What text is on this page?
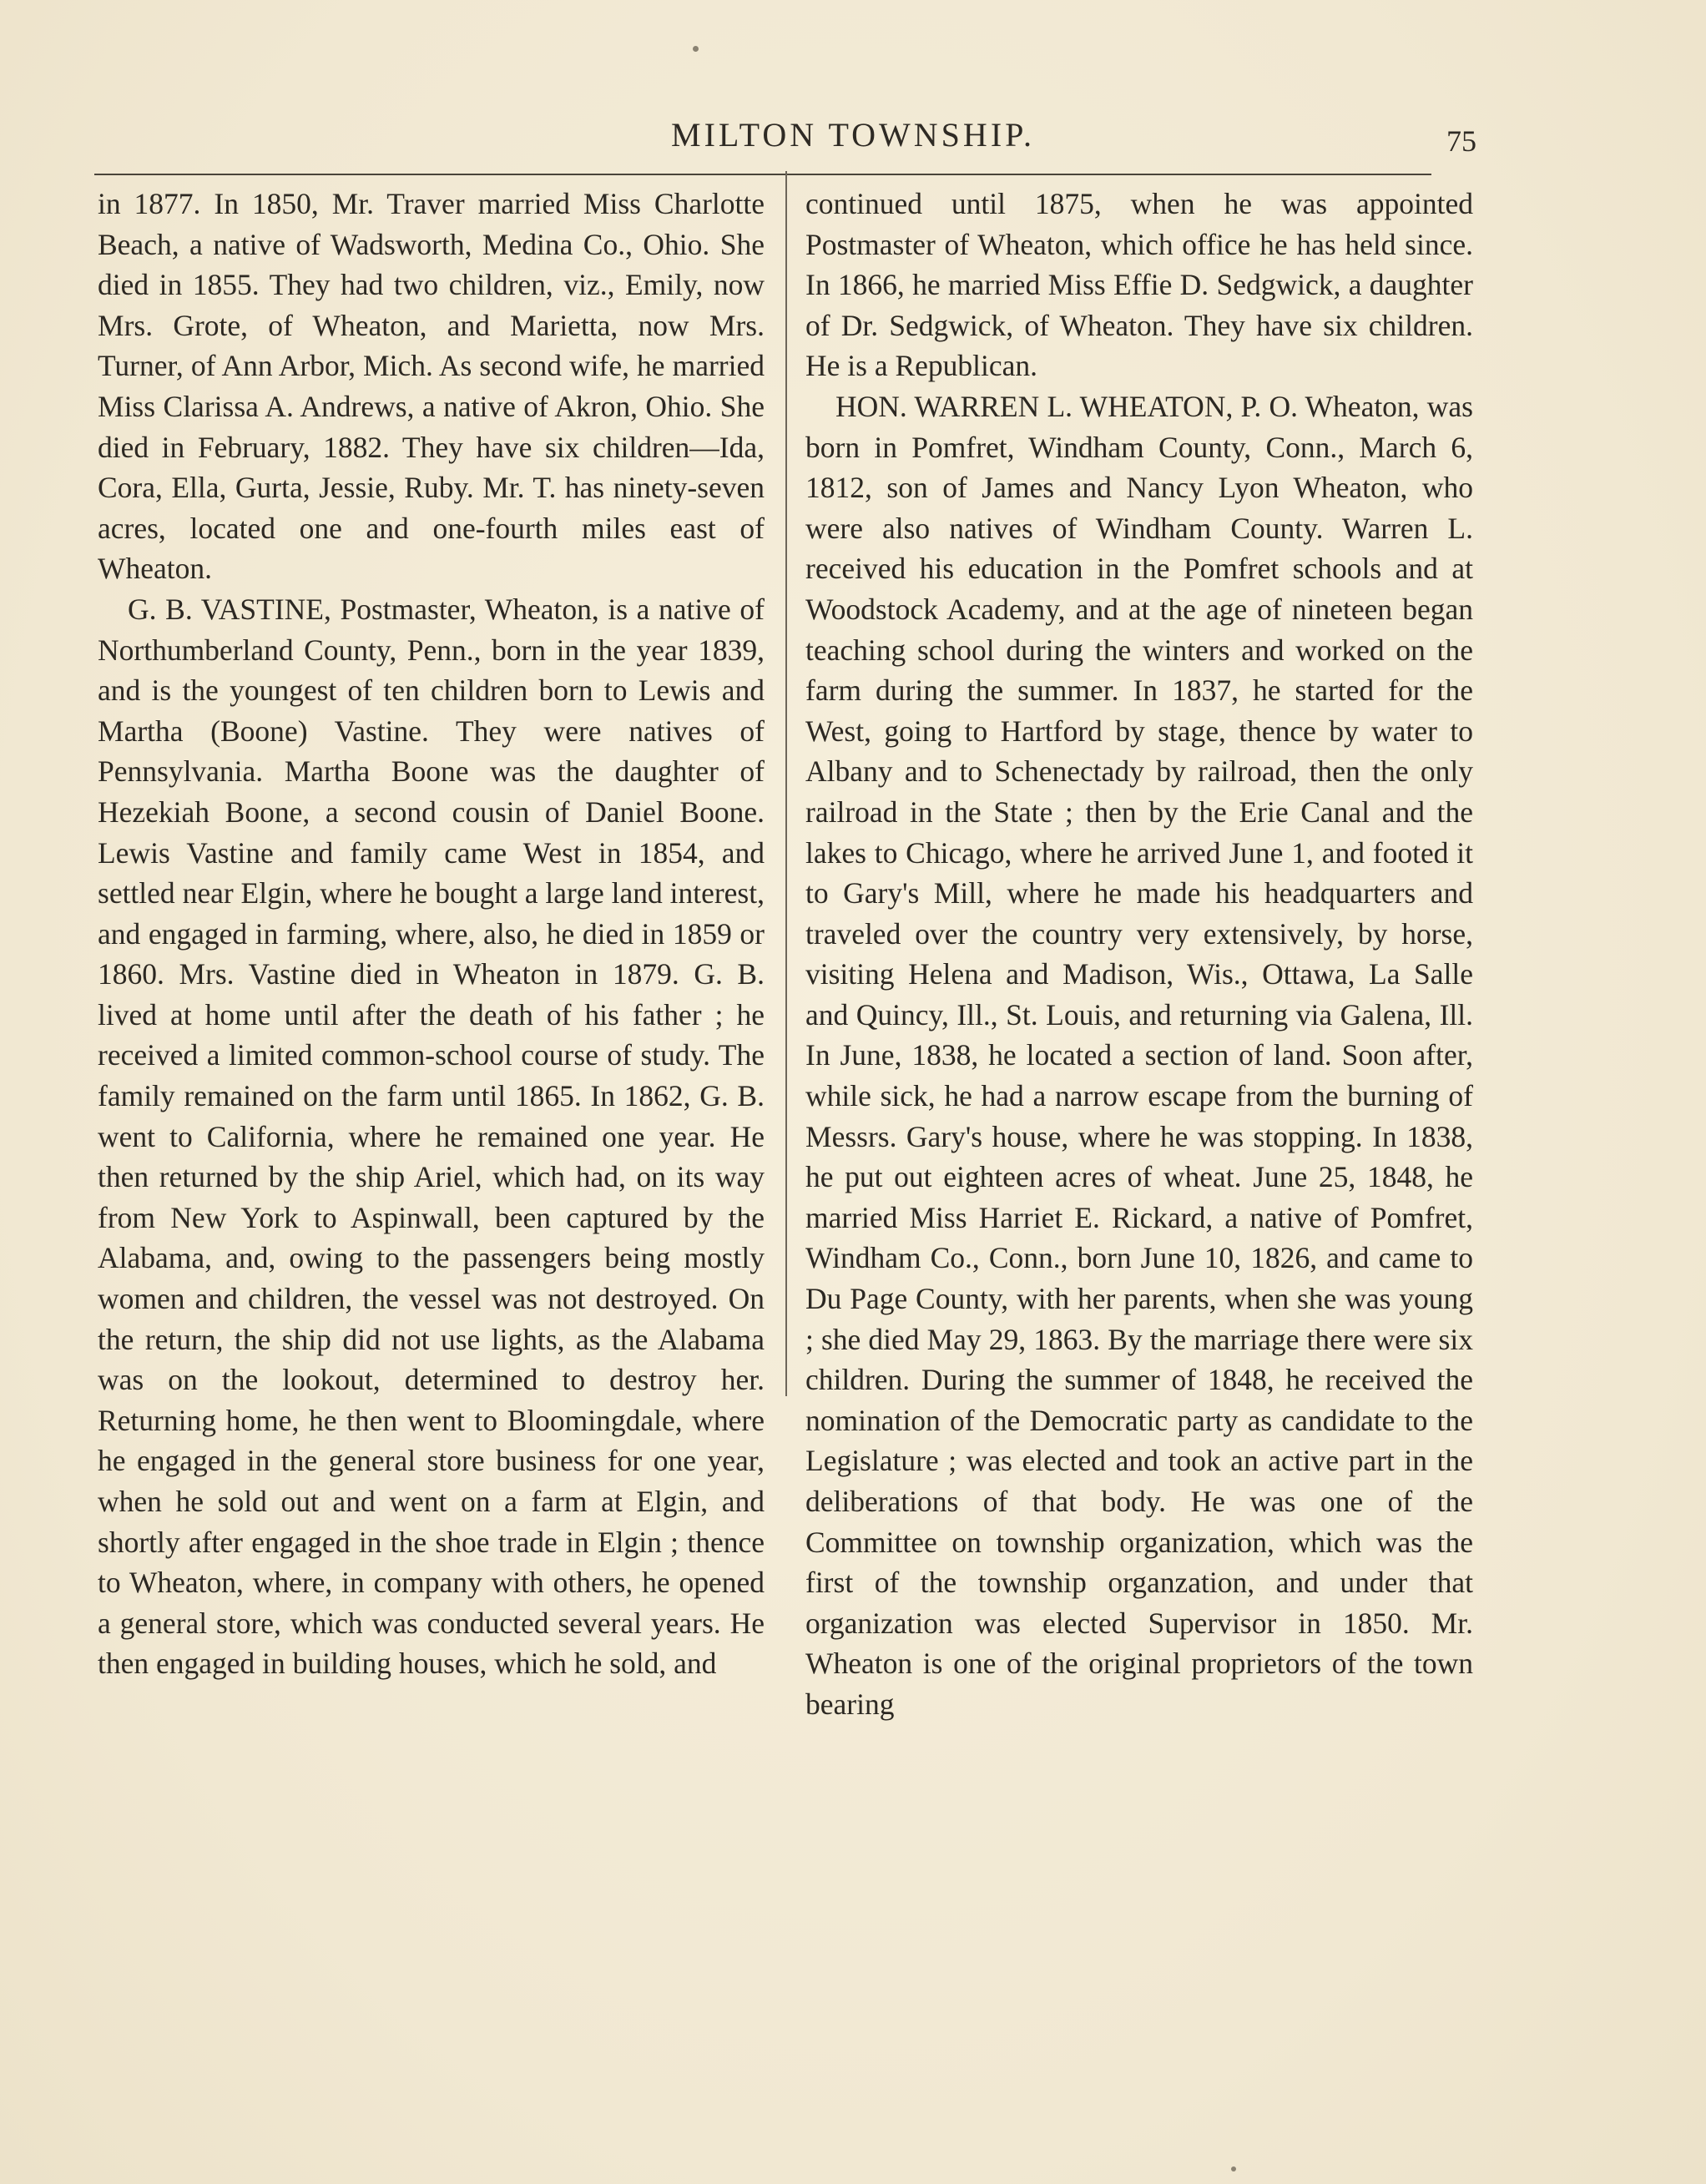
MILTON TOWNSHIP.	75

in 1877. In 1850, Mr. Traver married Miss Charlotte Beach, a native of Wadsworth, Medina Co., Ohio. She died in 1855. They had two children, viz., Emily, now Mrs. Grote, of Wheaton, and Marietta, now Mrs. Turner, of Ann Arbor, Mich. As second wife, he married Miss Clarissa A. Andrews, a native of Akron, Ohio. She died in February, 1882. They have six children—Ida, Cora, Ella, Gurta, Jessie, Ruby. Mr. T. has ninety-seven acres, located one and one-fourth miles east of Wheaton.

G. B. VASTINE, Postmaster, Wheaton, is a native of Northumberland County, Penn., born in the year 1839, and is the youngest of ten children born to Lewis and Martha (Boone) Vastine. They were natives of Pennsylvania. Martha Boone was the daughter of Hezekiah Boone, a second cousin of Daniel Boone. Lewis Vastine and family came West in 1854, and settled near Elgin, where he bought a large land interest, and engaged in farming, where, also, he died in 1859 or 1860. Mrs. Vastine died in Wheaton in 1879. G. B. lived at home until after the death of his father ; he received a limited common-school course of study. The family remained on the farm until 1865. In 1862, G. B. went to California, where he remained one year. He then returned by the ship Ariel, which had, on its way from New York to Aspinwall, been captured by the Alabama, and, owing to the passengers being mostly women and children, the vessel was not destroyed. On the return, the ship did not use lights, as the Alabama was on the lookout, determined to destroy her. Returning home, he then went to Bloomingdale, where he engaged in the general store business for one year, when he sold out and went on a farm at Elgin, and shortly after engaged in the shoe trade in Elgin ; thence to Wheaton, where, in company with others, he opened a general store, which was conducted several years. He then engaged in building houses, which he sold, and

continued until 1875, when he was appointed Postmaster of Wheaton, which office he has held since. In 1866, he married Miss Effie D. Sedgwick, a daughter of Dr. Sedgwick, of Wheaton. They have six children. He is a Republican.

HON. WARREN L. WHEATON, P. O. Wheaton, was born in Pomfret, Windham County, Conn., March 6, 1812, son of James and Nancy Lyon Wheaton, who were also natives of Windham County. Warren L. received his education in the Pomfret schools and at Woodstock Academy, and at the age of nineteen began teaching school during the winters and worked on the farm during the summer. In 1837, he started for the West, going to Hartford by stage, thence by water to Albany and to Schenectady by railroad, then the only railroad in the State ; then by the Erie Canal and the lakes to Chicago, where he arrived June 1, and footed it to Gary's Mill, where he made his headquarters and traveled over the country very extensively, by horse, visiting Helena and Madison, Wis., Ottawa, La Salle and Quincy, Ill., St. Louis, and returning via Galena, Ill. In June, 1838, he located a section of land. Soon after, while sick, he had a narrow escape from the burning of Messrs. Gary's house, where he was stopping. In 1838, he put out eighteen acres of wheat. June 25, 1848, he married Miss Harriet E. Rickard, a native of Pomfret, Windham Co., Conn., born June 10, 1826, and came to Du Page County, with her parents, when she was young ; she died May 29, 1863. By the marriage there were six children. During the summer of 1848, he received the nomination of the Democratic party as candidate to the Legislature ; was elected and took an active part in the deliberations of that body. He was one of the Committee on township organization, which was the first of the township organzation, and under that organization was elected Supervisor in 1850. Mr. Wheaton is one of the original proprietors of the town bearing
